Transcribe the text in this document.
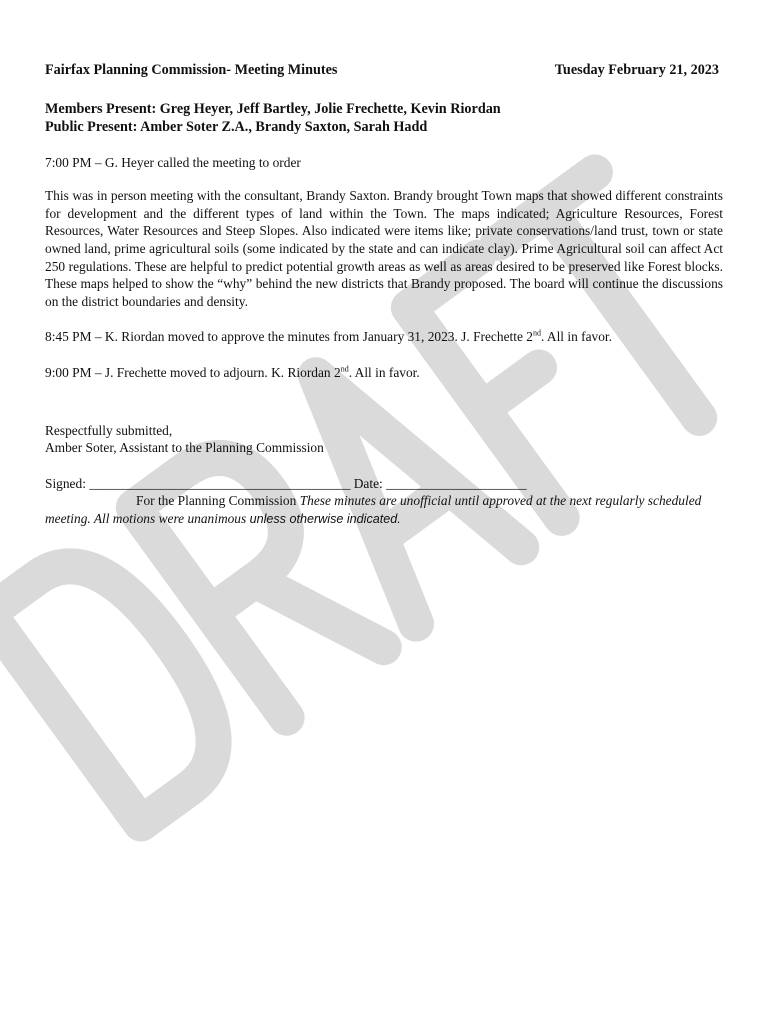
Fairfax Planning Commission- Meeting Minutes	Tuesday February 21, 2023
Members Present: Greg Heyer, Jeff Bartley, Jolie Frechette, Kevin Riordan
Public Present: Amber Soter Z.A., Brandy Saxton, Sarah Hadd
7:00 PM – G. Heyer called the meeting to order
This was in person meeting with the consultant, Brandy Saxton. Brandy brought Town maps that showed different constraints for development and the different types of land within the Town. The maps indicated; Agriculture Resources, Forest Resources, Water Resources and Steep Slopes. Also indicated were items like; private conservations/land trust, town or state owned land, prime agricultural soils (some indicated by the state and can indicate clay). Prime Agricultural soil can affect Act 250 regulations. These are helpful to predict potential growth areas as well as areas desired to be preserved like Forest blocks. These maps helped to show the “why” behind the new districts that Brandy proposed. The board will continue the discussions on the district boundaries and density.
8:45 PM – K. Riordan moved to approve the minutes from January 31, 2023. J. Frechette 2nd. All in favor.
9:00 PM – J. Frechette moved to adjourn. K. Riordan 2nd. All in favor.
Respectfully submitted,
Amber Soter, Assistant to the Planning Commission
Signed: _______________________________________ Date: _____________________
For the Planning Commission These minutes are unofficial until approved at the next regularly scheduled meeting. All motions were unanimous unless otherwise indicated.
